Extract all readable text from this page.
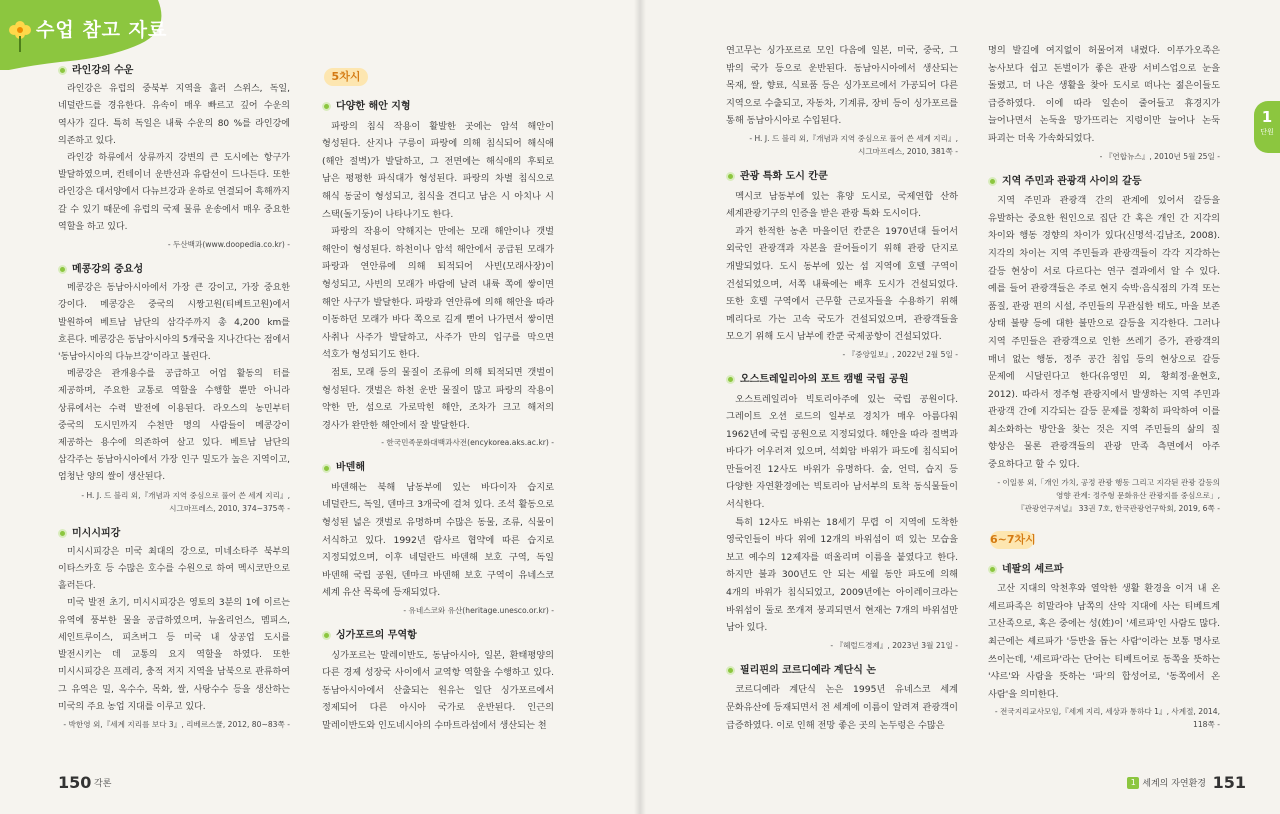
수업 참고 자료
라인강의 수운

라인강은 유럽의 중북부 지역을 흘러 스위스, 독일, 네덜란드를 경유한다. 유속이 매우 빠르고 깊어 수운의 역사가 길다. 특히 독일은 내륙 수운의 80 %를 라인강에 의존하고 있다.

라인강 하류에서 상류까지 강변의 큰 도시에는 항구가 발달하였으며, 컨테이너 운반선과 유람선이 드나든다. 또한 라인강은 대서양에서 다뉴브강과 운하로 연결되어 흑해까지 갈 수 있기 때문에 유럽의 국제 물류 운송에서 매우 중요한 역할을 하고 있다.

- 두산백과(www.doopedia.co.kr) -
메콩강의 중요성

메콩강은 동남아시아에서 가장 큰 강이고, 가장 중요한 강이다. 메콩강은 중국의 시짱고원(티베트고원)에서 발원하여 베트남 남단의 삼각주까지 총 4,200 km를 흐른다. 메콩강은 동남아시아의 5개국을 지나간다는 점에서 '동남아시아의 다뉴브강'이라고 불린다.

메콩강은 관개용수를 공급하고 어업 활동의 터를 제공하며, 주요한 교통로 역할을 수행할 뿐만 아니라 상류에서는 수력 발전에 이용된다. 라오스의 농민부터 중국의 도시민까지 수천만 명의 사람들이 메콩강이 제공하는 용수에 의존하여 살고 있다. 베트남 남단의 삼각주는 동남아시아에서 가장 인구 밀도가 높은 지역이고, 엄청난 양의 쌀이 생산된다.

- H. J. 드 블리 외,『개념과 지역 중심으로 풀어 쓴 세계 지리』,
시그마프레스, 2010, 374~375쪽 -
미시시피강

미시시피강은 미국 최대의 강으로, 미네소타주 북부의 이타스카호 등 수많은 호수를 수원으로 하여 멕시코만으로 흘러든다.

미국 발전 초기, 미시시피강은 영토의 3분의 1에 이르는 유역에 풍부한 물을 공급하였으며, 뉴올리언스, 멤피스, 세인트루이스, 피츠버그 등 미국 내 상공업 도시를 발전시키는 데 교통의 요지 역할을 하였다. 또한 미시시피강은 프레리, 충적 저지 지역을 남북으로 관류하여 그 유역은 밀, 옥수수, 목화, 쌀, 사탕수수 등을 생산하는 미국의 주요 농업 지대를 이루고 있다.

- 박한영 외,『세계 지리를 보다 3』, 리베르스쿨, 2012, 80~83쪽 -
5차시
다양한 해안 지형

파랑의 침식 작용이 활발한 곳에는 암석 해안이 형성된다. 산지나 구릉이 파랑에 의해 침식되어 해식애(해안 절벽)가 발달하고, 그 전면에는 해식애의 후퇴로 남은 평평한 파식대가 형성된다. 파랑의 차별 침식으로 해식 동굴이 형성되고, 침식을 견디고 남은 시 아치나 시 스택(돌기둥)이 나타나기도 한다.

파랑의 작용이 약해지는 만에는 모래 해안이나 갯벌 해안이 형성된다. 하천이나 암석 해안에서 공급된 모래가 파랑과 연안류에 의해 퇴적되어 사빈(모래사장)이 형성되고, 사빈의 모래가 바람에 날려 내륙 쪽에 쌓이면 해안 사구가 발달한다. 파랑과 연안류에 의해 해안을 따라 이동하던 모래가 바다 쪽으로 길게 뻗어 나가면서 쌓이면 사취나 사주가 발달하고, 사주가 만의 입구를 막으면 석호가 형성되기도 한다.

점토, 모래 등의 물질이 조류에 의해 퇴적되면 갯벌이 형성된다. 갯벌은 하천 운반 물질이 많고 파랑의 작용이 약한 만, 섬으로 가로막힌 해안, 조차가 크고 해저의 경사가 완만한 해안에서 잘 발달한다.

- 한국민족문화대백과사전(encykorea.aks.ac.kr) -
바덴해

바덴해는 북해 남동부에 있는 바다이자 습지로 네덜란드, 독일, 덴마크 3개국에 걸쳐 있다. 조석 활동으로 형성된 넓은 갯벌로 유명하며 수많은 동물, 조류, 식물이 서식하고 있다. 1992년 람사르 협약에 따른 습지로 지정되었으며, 이후 네덜란드 바덴해 보호 구역, 독일 바덴해 국립 공원, 덴마크 바덴해 보호 구역이 유네스코 세계 유산 목록에 등재되었다.

- 유네스코와 유산(heritage.unesco.or.kr) -
싱가포르의 무역항

싱가포르는 말레이반도, 동남아시아, 일본, 환태평양의 다른 경제 성장국 사이에서 교역항 역할을 수행하고 있다. 동남아시아에서 산출되는 원유는 일단 싱가포르에서 정제되어 다른 아시아 국가로 운반된다. 인근의 말레이반도와 인도네시아의 수마트라섬에서 생산되는 천

150 각론

연고무는 싱가포르로 모인 다음에 일본, 미국, 중국, 그 밖의 국가 등으로 운반된다. 동남아시아에서 생산되는 목재, 쌀, 향료, 식료품 등은 싱가포르에서 가공되어 다른 지역으로 수출되고, 자동차, 기계류, 장비 등이 싱가포르를 통해 동남아시아로 수입된다.

- H. J. 드 블리 외,『개념과 지역 중심으로 풀어 쓴 세계 지리』,
시그마프레스, 2010, 381쪽 -
관광 특화 도시 칸쿤

멕시코 남동부에 있는 휴양 도시로, 국제연합 산하 세계관광기구의 인증을 받은 관광 특화 도시이다.

과거 한적한 농촌 마을이던 칸쿤은 1970년대 들어서 외국인 관광객과 자본을 끌어들이기 위해 관광 단지로 개발되었다. 도시 동부에 있는 섬 지역에 호텔 구역이 건설되었으며, 서쪽 내륙에는 배후 도시가 건설되었다. 또한 호텔 구역에서 근무할 근로자들을 수용하기 위해 메리다로 가는 고속 국도가 건설되었으며, 관광객들을 모으기 위해 도시 남부에 칸쿤 국제공항이 건설되었다.

- 『중앙일보』, 2022년 2월 5일 -
오스트레일리아의 포트 캠벨 국립 공원

오스트레일리아 빅토리아주에 있는 국립 공원이다. 그레이트 오션 로드의 일부로 경치가 매우 아름다워 1962년에 국립 공원으로 지정되었다. 해안을 따라 절벽과 바다가 어우러져 있으며, 석회암 바위가 파도에 침식되어 만들어진 12사도 바위가 유명하다. 숲, 언덕, 습지 등 다양한 자연환경에는 빅토리아 남서부의 토착 동식물들이 서식한다.

특히 12사도 바위는 18세기 무렵 이 지역에 도착한 영국인들이 바다 위에 12개의 바위섬이 떠 있는 모습을 보고 예수의 12제자를 떠올리며 이름을 붙였다고 한다. 하지만 불과 300년도 안 되는 세월 동안 파도에 의해 4개의 바위가 침식되었고, 2009년에는 아이레이크라는 바위섬이 둘로 쪼개져 붕괴되면서 현재는 7개의 바위섬만 남아 있다.

- 『헤럴드경제』, 2023년 3월 21일 -
필리핀의 코르디예라 계단식 논

코르디예라 계단식 논은 1995년 유네스코 세계 문화유산에 등재되면서 전 세계에 이름이 알려져 관광객이 급증하였다. 이로 인해 전망 좋은 곳의 논두렁은 수많은

명의 발길에 여지없이 허물어져 내렸다. 이푸가오족은 농사보다 쉽고 돈벌이가 좋은 관광 서비스업으로 눈을 돌렸고, 더 나은 생활을 찾아 도시로 떠나는 젊은이들도 급증하였다. 이에 따라 일손이 줄어들고 휴경지가 늘어나면서 논둑을 망가뜨리는 지렁이만 늘어나 논둑 파괴는 더욱 가속화되었다.

- 『연합뉴스』, 2010년 5월 25일 -
지역 주민과 관광객 사이의 갈등

지역 주민과 관광객 간의 관계에 있어서 갈등을 유발하는 중요한 원인으로 집단 간 혹은 개인 간 지각의 차이와 행동 경향의 차이가 있다(신명석·김남조, 2008). 지각의 차이는 지역 주민들과 관광객들이 각각 지각하는 갈등 현상이 서로 다르다는 연구 결과에서 알 수 있다. 예를 들어 관광객들은 주로 현지 숙박·음식점의 가격 또는 품질, 관광 편의 시설, 주민들의 무관심한 태도, 마을 보존 상태 불량 등에 대한 불만으로 갈등을 지각한다. 그러나 지역 주민들은 관광객으로 인한 쓰레기 증가, 관광객의 매너 없는 행동, 정주 공간 침입 등의 현상으로 갈등 문제에 시달린다고 한다(유영민 외, 황희정·윤현호, 2012). 따라서 정주형 관광지에서 발생하는 지역 주민과 관광객 간에 지각되는 갈등 문제를 정확히 파악하여 이를 최소화하는 방안을 찾는 것은 지역 주민들의 삶의 질 향상은 물론 관광객들의 관광 만족 측면에서 아주 중요하다고 할 수 있다.

- 이일롱 외,「개인 가치, 공정 관광 행동 그리고 지각된 관광 갈등의
영향 관계: 정주형 문화유산 관광지를 중심으로」,
『관광연구저널』 33권 7호, 한국관광연구학회, 2019, 6쪽 -
6~7차시
네팔의 셰르파

고산 지대의 악천후와 열악한 생활 환경을 이겨 내 온 셰르파족은 히말라야 남쪽의 산악 지대에 사는 티베트계 고산족으로, 혹은 중에는 성(姓)이 '셰르파'인 사람도 많다. 최근에는 셰르파가 '등반을 돕는 사람'이라는 보통 명사로 쓰이는데, '셰르파'라는 단어는 티베트어로 동쪽을 뜻하는 '샤르'와 사람을 뜻하는 '파'의 합성어로, '동쪽에서 온 사람'을 의미한다.

- 전국지리교사모임,『세계 지리, 세상과 통하다 1』, 사계절, 2014, 118쪽 -
1
단원
1 세계의 자연환경 151
